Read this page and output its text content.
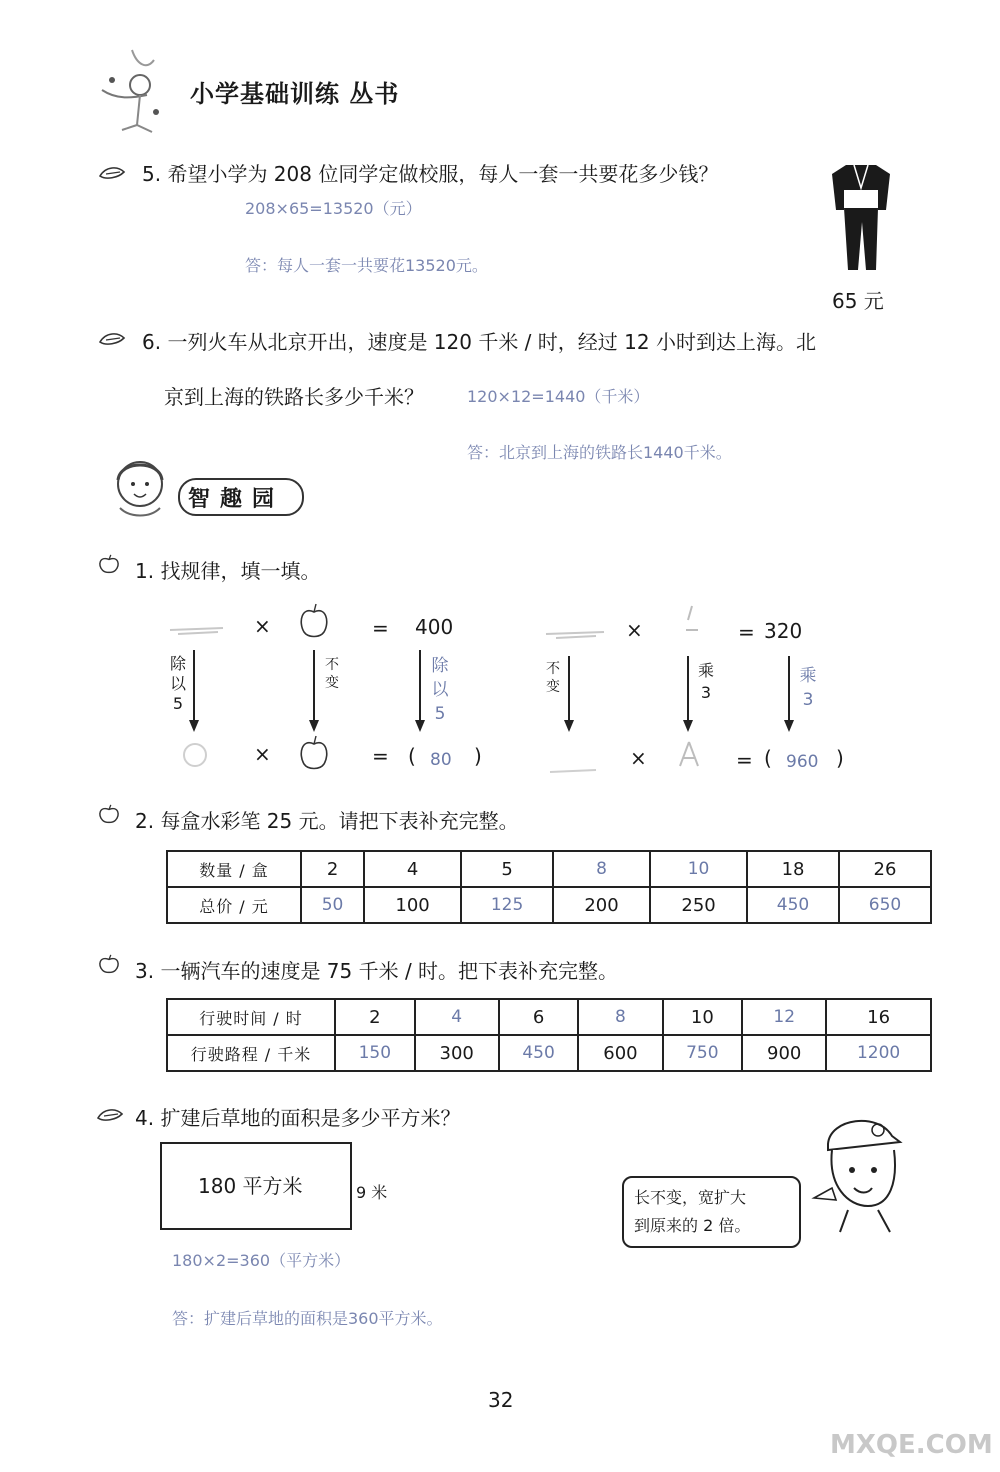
小学基础训练 丛书
5. 希望小学为 208 位同学定做校服，每人一套一共要花多少钱？
208×65=13520（元）
答：每人一套一共要花13520元。
65 元
6. 一列火车从北京开出，速度是 120 千米 / 时，经过 12 小时到达上海。北
京到上海的铁路长多少千米？	120×12=1440（千米）
答：北京到上海的铁路长1440千米。
智趣园
1. 找规律，填一填。
×	= 400
除以5
不变
除以5
×	= ( 80 )
×	= 320
不变
乘3
乘3
×	= ( 960 )
2. 每盒水彩笔 25 元。请把下表补充完整。
数量 / 盒	2	4	5	8	10	18	26
总价 / 元	50	100	125	200	250	450	650
3. 一辆汽车的速度是 75 千米 / 时。把下表补充完整。
行驶时间 / 时	2	4	6	8	10	12	16
行驶路程 / 千米	150	300	450	600	750	900	1200
4. 扩建后草地的面积是多少平方米？
180 平方米	9 米
180×2=360（平方米）
答：扩建后草地的面积是360平方米。
长不变，宽扩大
到原来的 2 倍。
32
MXQE.COM
